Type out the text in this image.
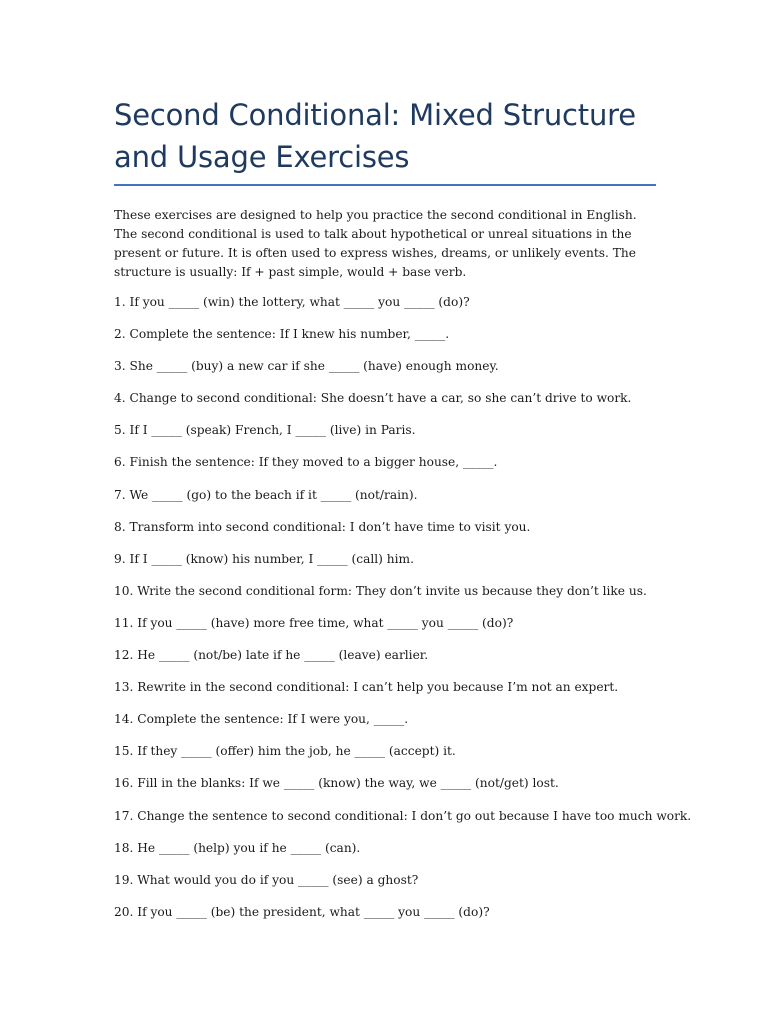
Second Conditional: Mixed Structure
and Usage Exercises

These exercises are designed to help you practice the second conditional in English. The second conditional is used to talk about hypothetical or unreal situations in the present or future. It is often used to express wishes, dreams, or unlikely events. The structure is usually: If + past simple, would + base verb.

1. If you _____ (win) the lottery, what _____ you _____ (do)?
2. Complete the sentence: If I knew his number, _____.
3. She _____ (buy) a new car if she _____ (have) enough money.
4. Change to second conditional: She doesn’t have a car, so she can’t drive to work.
5. If I _____ (speak) French, I _____ (live) in Paris.
6. Finish the sentence: If they moved to a bigger house, _____.
7. We _____ (go) to the beach if it _____ (not/rain).
8. Transform into second conditional: I don’t have time to visit you.
9. If I _____ (know) his number, I _____ (call) him.
10. Write the second conditional form: They don’t invite us because they don’t like us.
11. If you _____ (have) more free time, what _____ you _____ (do)?
12. He _____ (not/be) late if he _____ (leave) earlier.
13. Rewrite in the second conditional: I can’t help you because I’m not an expert.
14. Complete the sentence: If I were you, _____.
15. If they _____ (offer) him the job, he _____ (accept) it.
16. Fill in the blanks: If we _____ (know) the way, we _____ (not/get) lost.
17. Change the sentence to second conditional: I don’t go out because I have too much work.
18. He _____ (help) you if he _____ (can).
19. What would you do if you _____ (see) a ghost?
20. If you _____ (be) the president, what _____ you _____ (do)?
